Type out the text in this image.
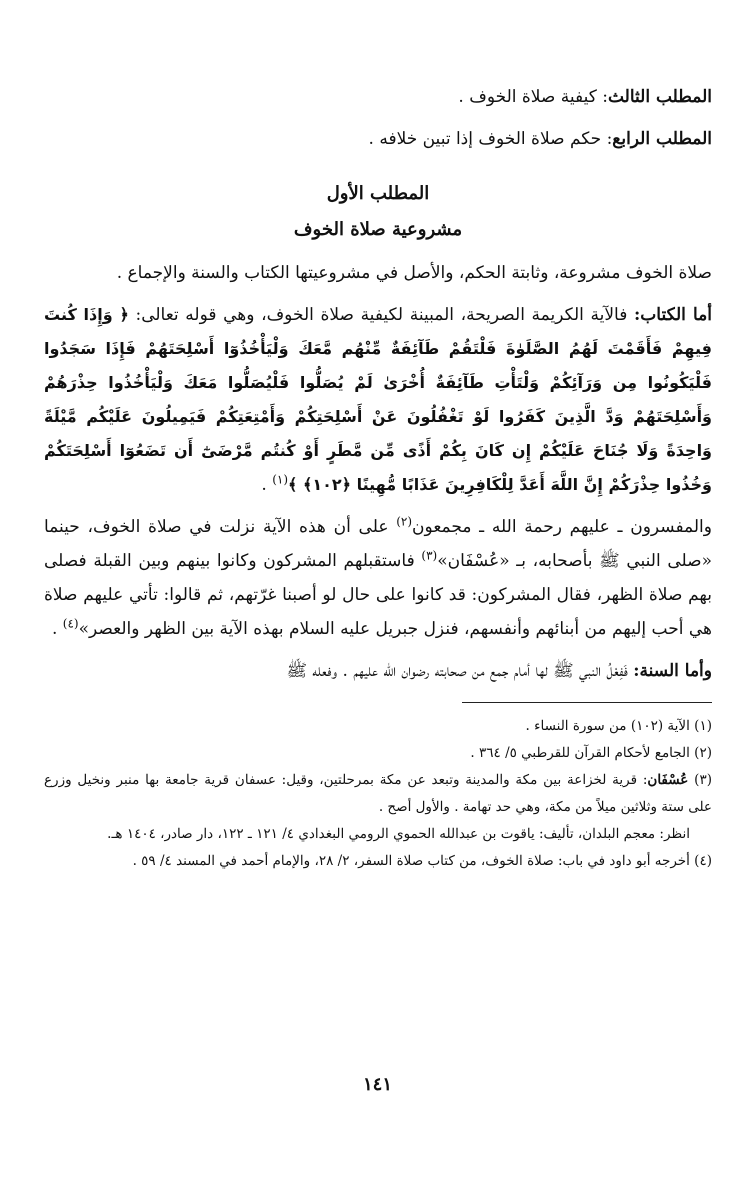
المطلب الثالث: كيفية صلاة الخوف .

المطلب الرابع: حكم صلاة الخوف إذا تبين خلافه .

المطلب الأول
مشروعية صلاة الخوف

صلاة الخوف مشروعة، وثابتة الحكم، والأصل في مشروعيتها الكتاب والسنة والإجماع .

أما الكتاب: فالآية الكريمة الصريحة، المبينة لكيفية صلاة الخوف، وهي قوله تعالى: ﴿ وَإِذَا كُنتَ فِيهِمْ فَأَقَمْتَ لَهُمُ الصَّلَوٰةَ فَلْتَقُمْ طَآئِفَةٌ مِّنْهُم مَّعَكَ وَلْيَأْخُذُوٓا أَسْلِحَتَهُمْ فَإِذَا سَجَدُوا فَلْيَكُونُوا مِن وَرَآئِكُمْ وَلْتَأْتِ طَآئِفَةٌ أُخْرَىٰ لَمْ يُصَلُّوا فَلْيُصَلُّوا مَعَكَ وَلْيَأْخُذُوا حِذْرَهُمْ وَأَسْلِحَتَهُمْ وَدَّ الَّذِينَ كَفَرُوا لَوْ تَغْفُلُونَ عَنْ أَسْلِحَتِكُمْ وَأَمْتِعَتِكُمْ فَيَمِيلُونَ عَلَيْكُم مَّيْلَةً وَاحِدَةً وَلَا جُنَاحَ عَلَيْكُمْ إِن كَانَ بِكُمْ أَذًى مِّن مَّطَرٍ أَوْ كُنتُم مَّرْضَىٰٓ أَن تَضَعُوٓا أَسْلِحَتَكُمْ وَخُذُوا حِذْرَكُمْ إِنَّ اللَّهَ أَعَدَّ لِلْكَافِرِينَ عَذَابًا مُّهِينًا ﴿١٠٢﴾ ﴾$^{(١)}$ .

والمفسرون ـ عليهم رحمة الله ـ مجمعون$^{(٢)}$ على أن هذه الآية نزلت في صلاة الخوف، حينما «صلى النبي ﷺ بأصحابه، بـ «عُسْفَان»$^{(٣)}$ فاستقبلهم المشركون وكانوا بينهم وبين القبلة فصلى بهم صلاة الظهر، فقال المشركون: قد كانوا على حال لو أصبنا غرّتهم، ثم قالوا: تأتي عليهم صلاة هي أحب إليهم من أبنائهم وأنفسهم، فنزل جبريل عليه السلام بهذه الآية بين الظهر والعصر»$^{(٤)}$ .

وأما السنة: فَفِعْلُ النبي ﷺ لها أمام جمع من صحابته رضوان الله عليهم . وفعله ﷺ

(١) الآية (١٠٢) من سورة النساء .
(٢) الجامع لأحكام القرآن للقرطبي ٥/ ٣٦٤ .
(٣) عُسْفَان: قرية لخزاعة بين مكة والمدينة وتبعد عن مكة بمرحلتين، وقيل: عسفان قرية جامعة بها منبر ونخيل وزرع على ستة وثلاثين ميلاً من مكة، وهي حد تهامة . والأول أصح .
انظر: معجم البلدان، تأليف: ياقوت بن عبدالله الحموي الرومي البغدادي ٤/ ١٢١ ـ ١٢٢، دار صادر، ١٤٠٤ هـ.
(٤) أخرجه أبو داود في باب: صلاة الخوف، من كتاب صلاة السفر، ٢/ ٢٨، والإمام أحمد في المسند ٤/ ٥٩ .
١٤١
